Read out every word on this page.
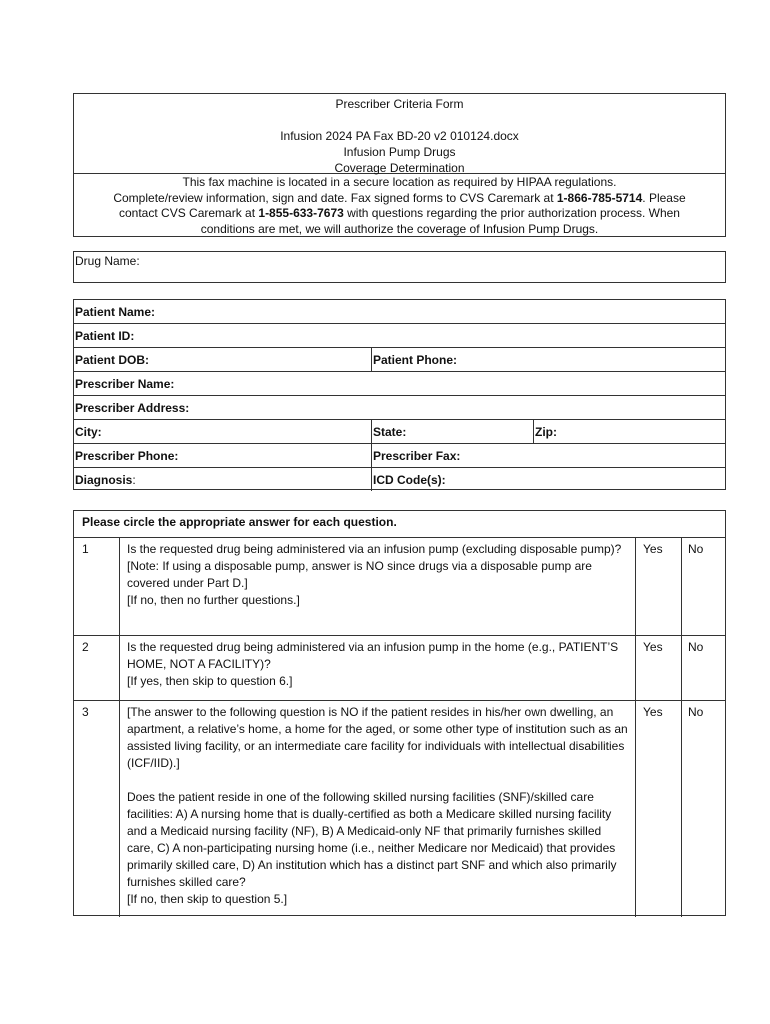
Prescriber Criteria Form
Infusion 2024 PA Fax BD-20 v2 010124.docx
Infusion Pump Drugs
Coverage Determination
This fax machine is located in a secure location as required by HIPAA regulations.
Complete/review information, sign and date. Fax signed forms to CVS Caremark at 1-866-785-5714. Please
contact CVS Caremark at 1-855-633-7673 with questions regarding the prior authorization process. When
conditions are met, we will authorize the coverage of Infusion Pump Drugs.
Drug Name:
Patient Name:
Patient ID:
Patient DOB:	Patient Phone:
Prescriber Name:
Prescriber Address:
City:	State:	Zip:
Prescriber Phone:	Prescriber Fax:
Diagnosis:	ICD Code(s):
Please circle the appropriate answer for each question.
1	Is the requested drug being administered via an infusion pump (excluding disposable pump)?
[Note: If using a disposable pump, answer is NO since drugs via a disposable pump are covered under Part D.]
[If no, then no further questions.]
Yes	No
2	Is the requested drug being administered via an infusion pump in the home (e.g., PATIENT’S HOME, NOT A FACILITY)?
[If yes, then skip to question 6.]
Yes	No
3	[The answer to the following question is NO if the patient resides in his/her own dwelling, an apartment, a relative’s home, a home for the aged, or some other type of institution such as an assisted living facility, or an intermediate care facility for individuals with intellectual disabilities (ICF/IID).]
Does the patient reside in one of the following skilled nursing facilities (SNF)/skilled care facilities: A) A nursing home that is dually-certified as both a Medicare skilled nursing facility and a Medicaid nursing facility (NF), B) A Medicaid-only NF that primarily furnishes skilled care, C) A non-participating nursing home (i.e., neither Medicare nor Medicaid) that provides primarily skilled care, D) An institution which has a distinct part SNF and which also primarily furnishes skilled care?
[If no, then skip to question 5.]
Yes	No
